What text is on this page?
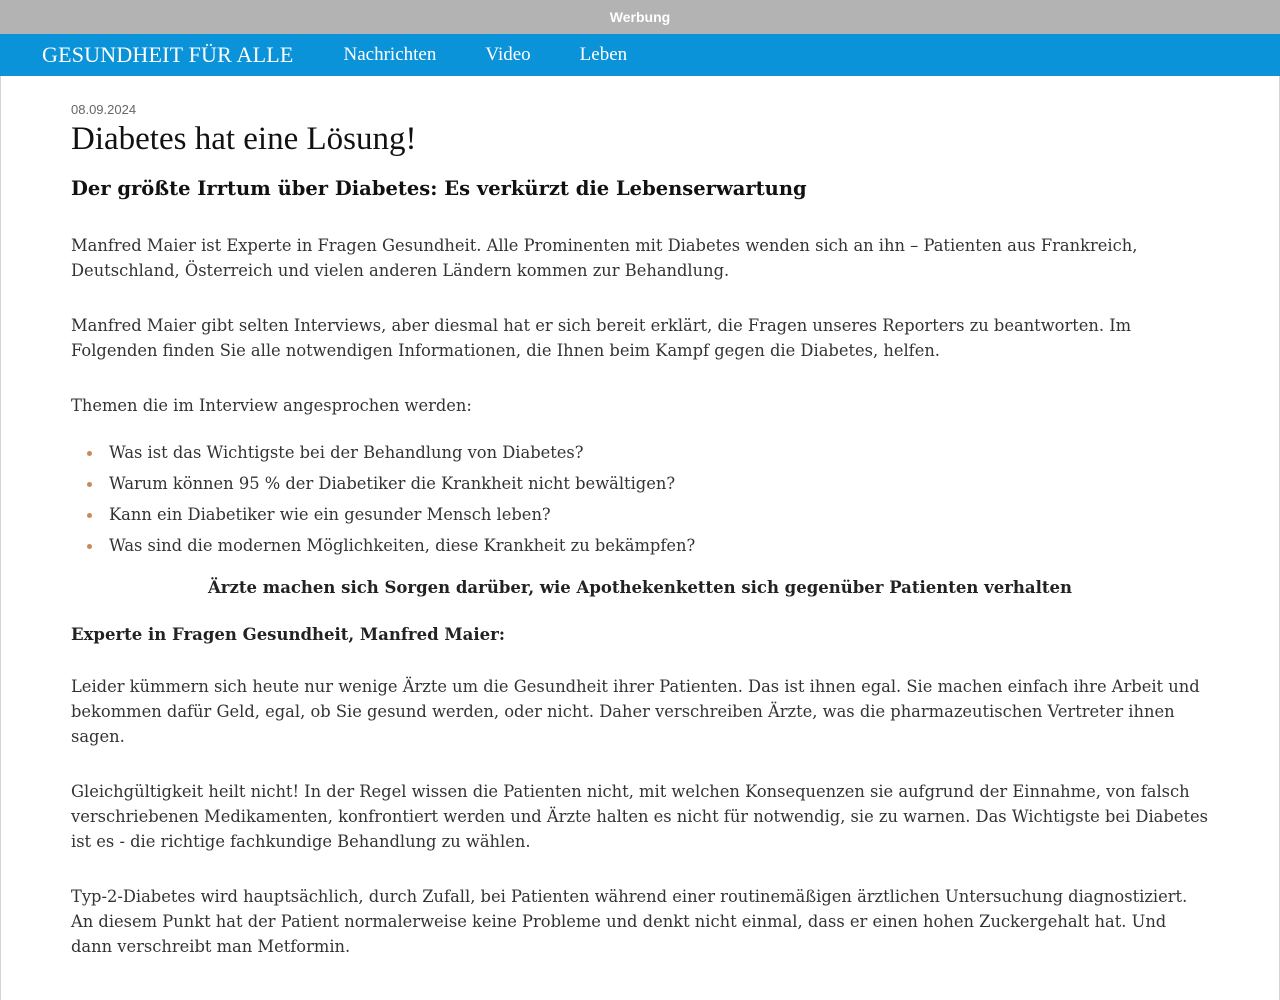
Werbung
GESUNDHEIT FÜR ALLE	Nachrichten	Video	Leben
08.09.2024
Diabetes hat eine Lösung!
Der größte Irrtum über Diabetes: Es verkürzt die Lebenserwartung

Manfred Maier ist Experte in Fragen Gesundheit. Alle Prominenten mit Diabetes wenden sich an ihn – Patienten aus Frankreich, Deutschland, Österreich und vielen anderen Ländern kommen zur Behandlung.

Manfred Maier gibt selten Interviews, aber diesmal hat er sich bereit erklärt, die Fragen unseres Reporters zu beantworten. Im Folgenden finden Sie alle notwendigen Informationen, die Ihnen beim Kampf gegen die Diabetes, helfen.

Themen die im Interview angesprochen werden:

Was ist das Wichtigste bei der Behandlung von Diabetes?
Warum können 95 % der Diabetiker die Krankheit nicht bewältigen?
Kann ein Diabetiker wie ein gesunder Mensch leben?
Was sind die modernen Möglichkeiten, diese Krankheit zu bekämpfen?
Ärzte machen sich Sorgen darüber, wie Apothekenketten sich gegenüber Patienten verhalten
Experte in Fragen Gesundheit, Manfred Maier:

Leider kümmern sich heute nur wenige Ärzte um die Gesundheit ihrer Patienten. Das ist ihnen egal. Sie machen einfach ihre Arbeit und bekommen dafür Geld, egal, ob Sie gesund werden, oder nicht. Daher verschreiben Ärzte, was die pharmazeutischen Vertreter ihnen sagen.

Gleichgültigkeit heilt nicht! In der Regel wissen die Patienten nicht, mit welchen Konsequenzen sie aufgrund der Einnahme, von falsch verschriebenen Medikamenten, konfrontiert werden und Ärzte halten es nicht für notwendig, sie zu warnen. Das Wichtigste bei Diabetes ist es - die richtige fachkundige Behandlung zu wählen.

Typ-2-Diabetes wird hauptsächlich, durch Zufall, bei Patienten während einer routinemäßigen ärztlichen Untersuchung diagnostiziert. An diesem Punkt hat der Patient normalerweise keine Probleme und denkt nicht einmal, dass er einen hohen Zuckergehalt hat. Und dann verschreibt man Metformin.
